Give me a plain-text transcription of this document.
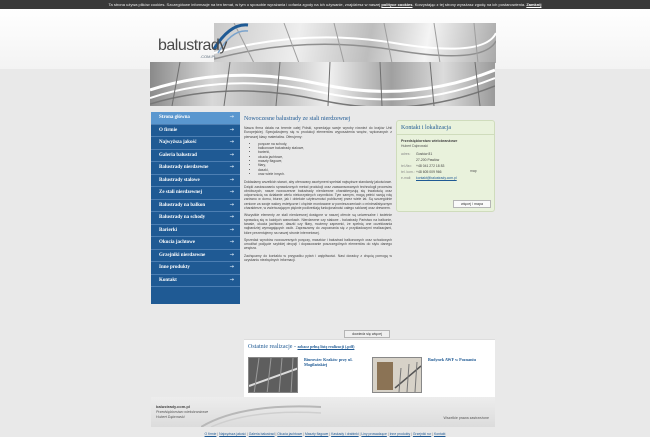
Ta strona używa plików cookies. Szczegółowe informacje na ten temat, w tym o sposobie wyrażania i cofania zgody na ich używanie, znajdziesz w naszej polityce cookies. Korzystając z tej strony wyrażasz zgodę na ich postanowienia. Zamknij
balustrady
.COM.PL
Strona główna	⇢
O firmie	⇢
Najwyższa jakość	⇢
Galeria balustrad	⇢
Balustrady nierdzewne	⇢
Balustrady stalowe	⇢
Ze stali nierdzewnej	⇢
Balustrady na balkon	⇢
Balustrady na schody	⇢
Barierki	⇢
Okucia jachtowe	⇢
Grzejniki nierdzewne	⇢
Inne produkty	⇢
Kontakt	⇢
Nowoczesne balustrady ze stali nierdzewnej

Nasza firma działa na terenie całej Polski, sprzedając swoje wyroby również do krajów Unii Europejskiej. Specjalizujemy się w produkcji elementów wyposażenia wnętrz, wykonanych z pierwszej klasy materiałów. Oferujemy:

• poręcze na schody,
• balkonowe balustrady stalowe,
• barierki,
• okucia jachtowe,
• maszty flagowe,
• filary,
• daszki,
• oraz wiele innych.

Dokładamy wszelkich starań, aby oferowany asortyment spełniał najwyższe standardy jakościowe. Dzięki zastosowaniu sprawdzonych metod produkcji oraz zaawansowanych technologii procesów obróbczych, nasze nowoczesne balustrady nierdzewne charakteryzują się trwałością oraz odpornością na działanie wielu niekorzystnych czynników. Tym samym, mogą pełnić swoją rolę zarówno w domu, biurze, jak i obiekcie użyteczności publicznej przez wiele lat. Są szczególnie cenione za swoje walory estetyczne i chętnie montowane w pomieszczeniach o minimalistycznym charakterze, w zwieńczającym pięknie podkreślają funkcjonalność całego szklanej oraz drewnem.

Wszystkie elementy ze stali nierdzewnej dostępne w naszej ofercie są uniwersalne i świetnie sprawdzą się w każdych warunkach. Nierdzewne czy stalowe - balustrady Państwo na balkonie, tarasie, okucia jachtowe, daszki czy filary, możemy zapewnić, że spełnią one oczekiwania najbardziej wymagających osób. Zapraszamy do zapoznania się z przykładowymi realizacjami, które prezentujemy na naszej stronie internetowej.

Sprzedaż wyrobów nowoczesnych poręczy, masztów i balustrad balkonowych oraz schodowych umożliwi podjęcie szybkiej decyzji i dopasowanie poszczególnych elementów do stylu danego wnętrza.

Zachęcamy do kontaktu w przypadku pytań i wątpliwości. Nasi doradcy z chęcią pomogą w uzyskaniu niezbędnych informacji.

dowiedz się więcej
Kontakt i lokalizacja
Przedsiębiorstwo wielobranżowe
Hubert Dąbrowski
adres:	Gostów 81
27-200 Pawłów
tel./fax:	+48 041 272 18 83
tel. kom.: +48 605 009 966
e-mail:	kontakt@balustrady.com.pl
map
więcej / mapa
Ostatnie realizacje - zobacz pełną listę realizacji (.pdf)
Biurowiec Kraków przy ul. Mogilańskiej
Budynek AWF w Poznaniu
balustrady.com.pl
Przedsiębiorstwo wielobranżowe
Hubert Dąbrowski	Wszelkie prawa zastrzeżone
O firmie | Najwyższa jakość | Galeria balustrad | Okucia jachtowe | Maszty flagowe | Kaskady i drabinki | Liny prowadzące | Inne produkty | Grzejniki rur | Kontakt
